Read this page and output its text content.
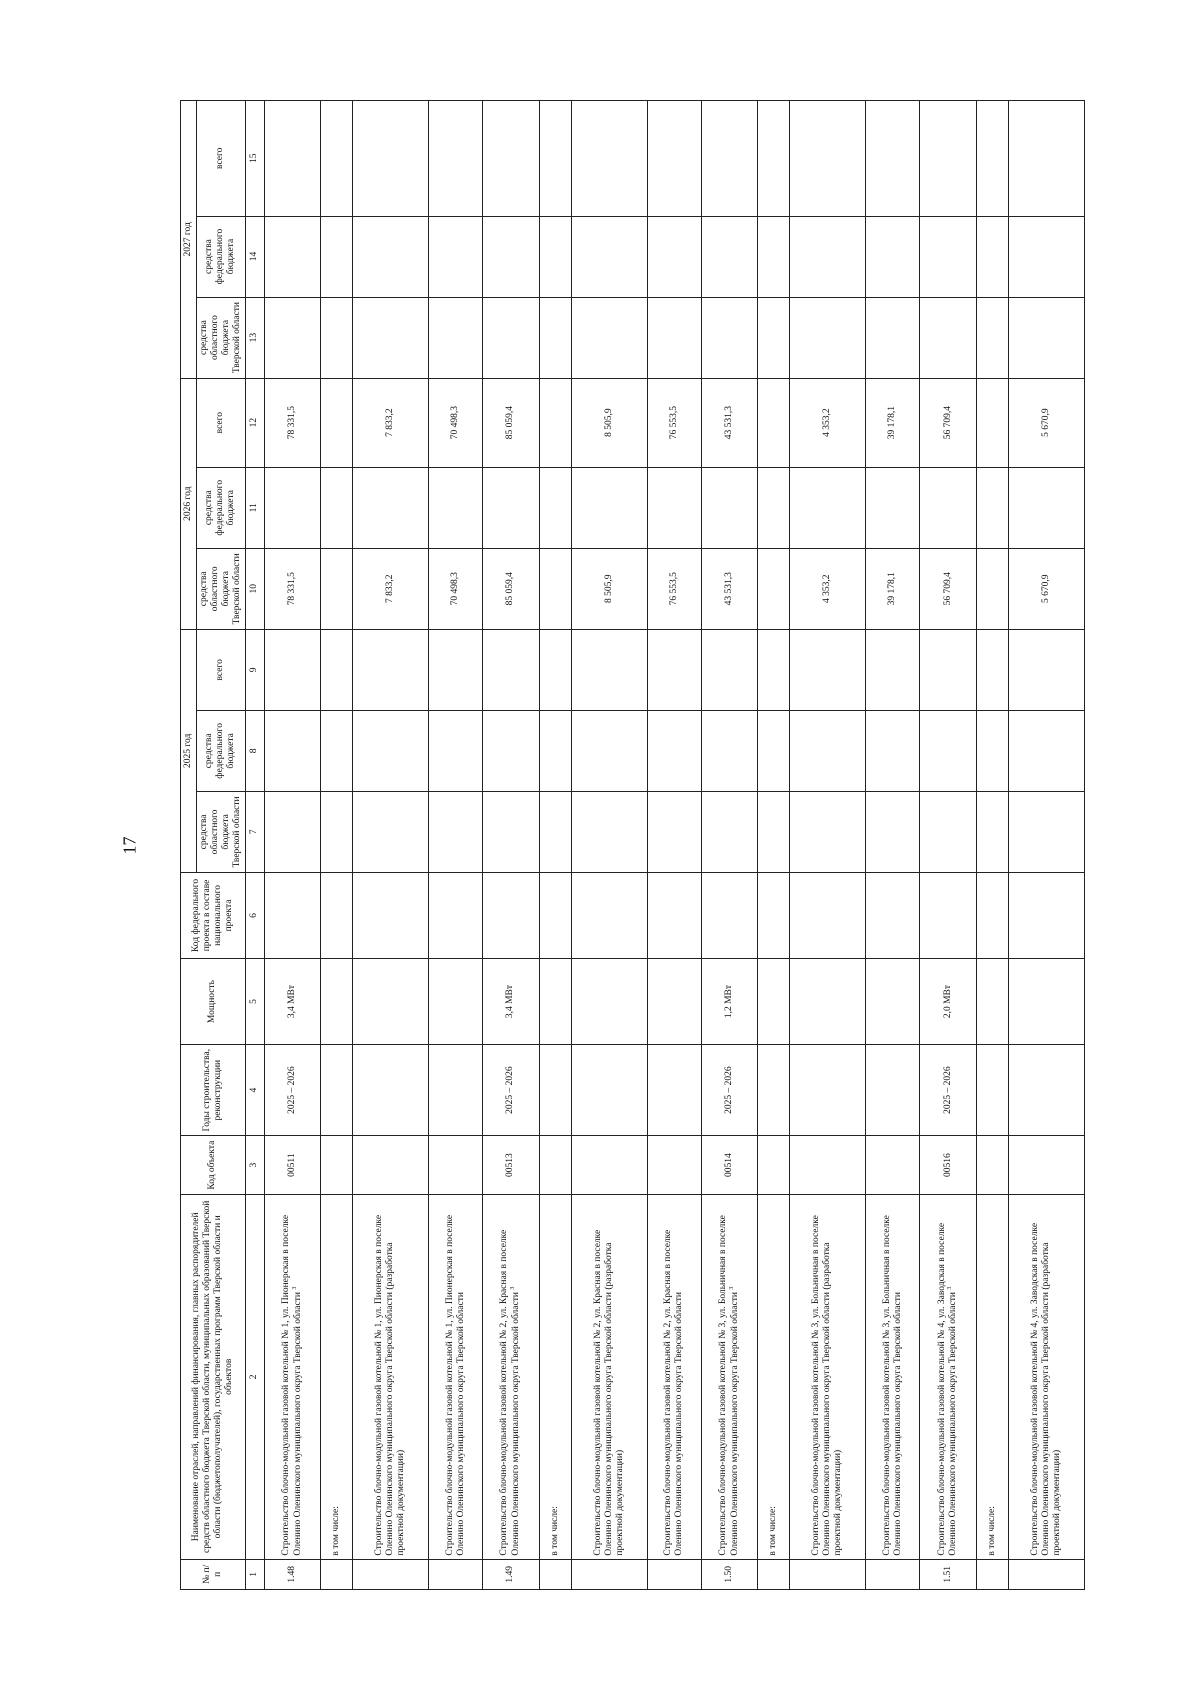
17
№ п/п	Наименование отраслей, направлений финансирования, главных распорядителей средств областного бюджета Тверской области, муниципальных образований Тверской области (бюджетополучателей), государственных программ Тверской области и объектов	Код объекта	Годы строительства, реконструкции	Мощность	Код федерального проекта в составе национального проекта	2025 год			2026 год			2027 год		
						средства областного бюджета Тверской области	средства федерального бюджета	всего	средства областного бюджета Тверской области	средства федерального бюджета	всего	средства областного бюджета Тверской области	средства федерального бюджета	всего
1	2	3	4	5	6	7	8	9	10	11	12	13	14	15
1.48	Строительство блочно-модульной газовой котельной № 1, ул. Пионерская в поселке Оленино Оленинского муниципального округа Тверской области $^3$	00511	2025 – 2026	3,4 МВт					78 331,5		78 331,5			
	в том числе:													
	Строительство блочно-модульной газовой котельной № 1, ул. Пионерская в поселке Оленино Оленинского муниципального округа Тверской области (разработка проектной документации)								7 833,2		7 833,2			
	Строительство блочно-модульной газовой котельной № 1, ул. Пионерская в поселке Оленино Оленинского муниципального округа Тверской области								70 498,3		70 498,3			
1.49	Строительство блочно-модульной газовой котельной № 2, ул. Красная в поселке Оленино Оленинского муниципального округа Тверской области $^3$	00513	2025 – 2026	3,4 МВт					85 059,4		85 059,4			
	в том числе:													
	Строительство блочно-модульной газовой котельной № 2, ул. Красная в поселке Оленино Оленинского муниципального округа Тверской области (разработка проектной документации)								8 505,9		8 505,9			
	Строительство блочно-модульной газовой котельной № 2, ул. Красная в поселке Оленино Оленинского муниципального округа Тверской области								76 553,5		76 553,5			
1.50	Строительство блочно-модульной газовой котельной № 3, ул. Больничная в поселке Оленино Оленинского муниципального округа Тверской области $^3$	00514	2025 – 2026	1,2 МВт					43 531,3		43 531,3			
	в том числе:													
	Строительство блочно-модульной газовой котельной № 3, ул. Больничная в поселке Оленино Оленинского муниципального округа Тверской области (разработка проектной документации)								4 353,2		4 353,2			
	Строительство блочно-модульной газовой котельной № 3, ул. Больничная в поселке Оленино Оленинского муниципального округа Тверской области								39 178,1		39 178,1			
1.51	Строительство блочно-модульной газовой котельной № 4, ул. Заводская в поселке Оленино Оленинского муниципального округа Тверской области $^3$	00516	2025 – 2026	2,0 МВт					56 709,4		56 709,4			
	в том числе:													
	Строительство блочно-модульной газовой котельной № 4, ул. Заводская в поселке Оленино Оленинского муниципального округа Тверской области (разработка проектной документации)								5 670,9		5 670,9			
